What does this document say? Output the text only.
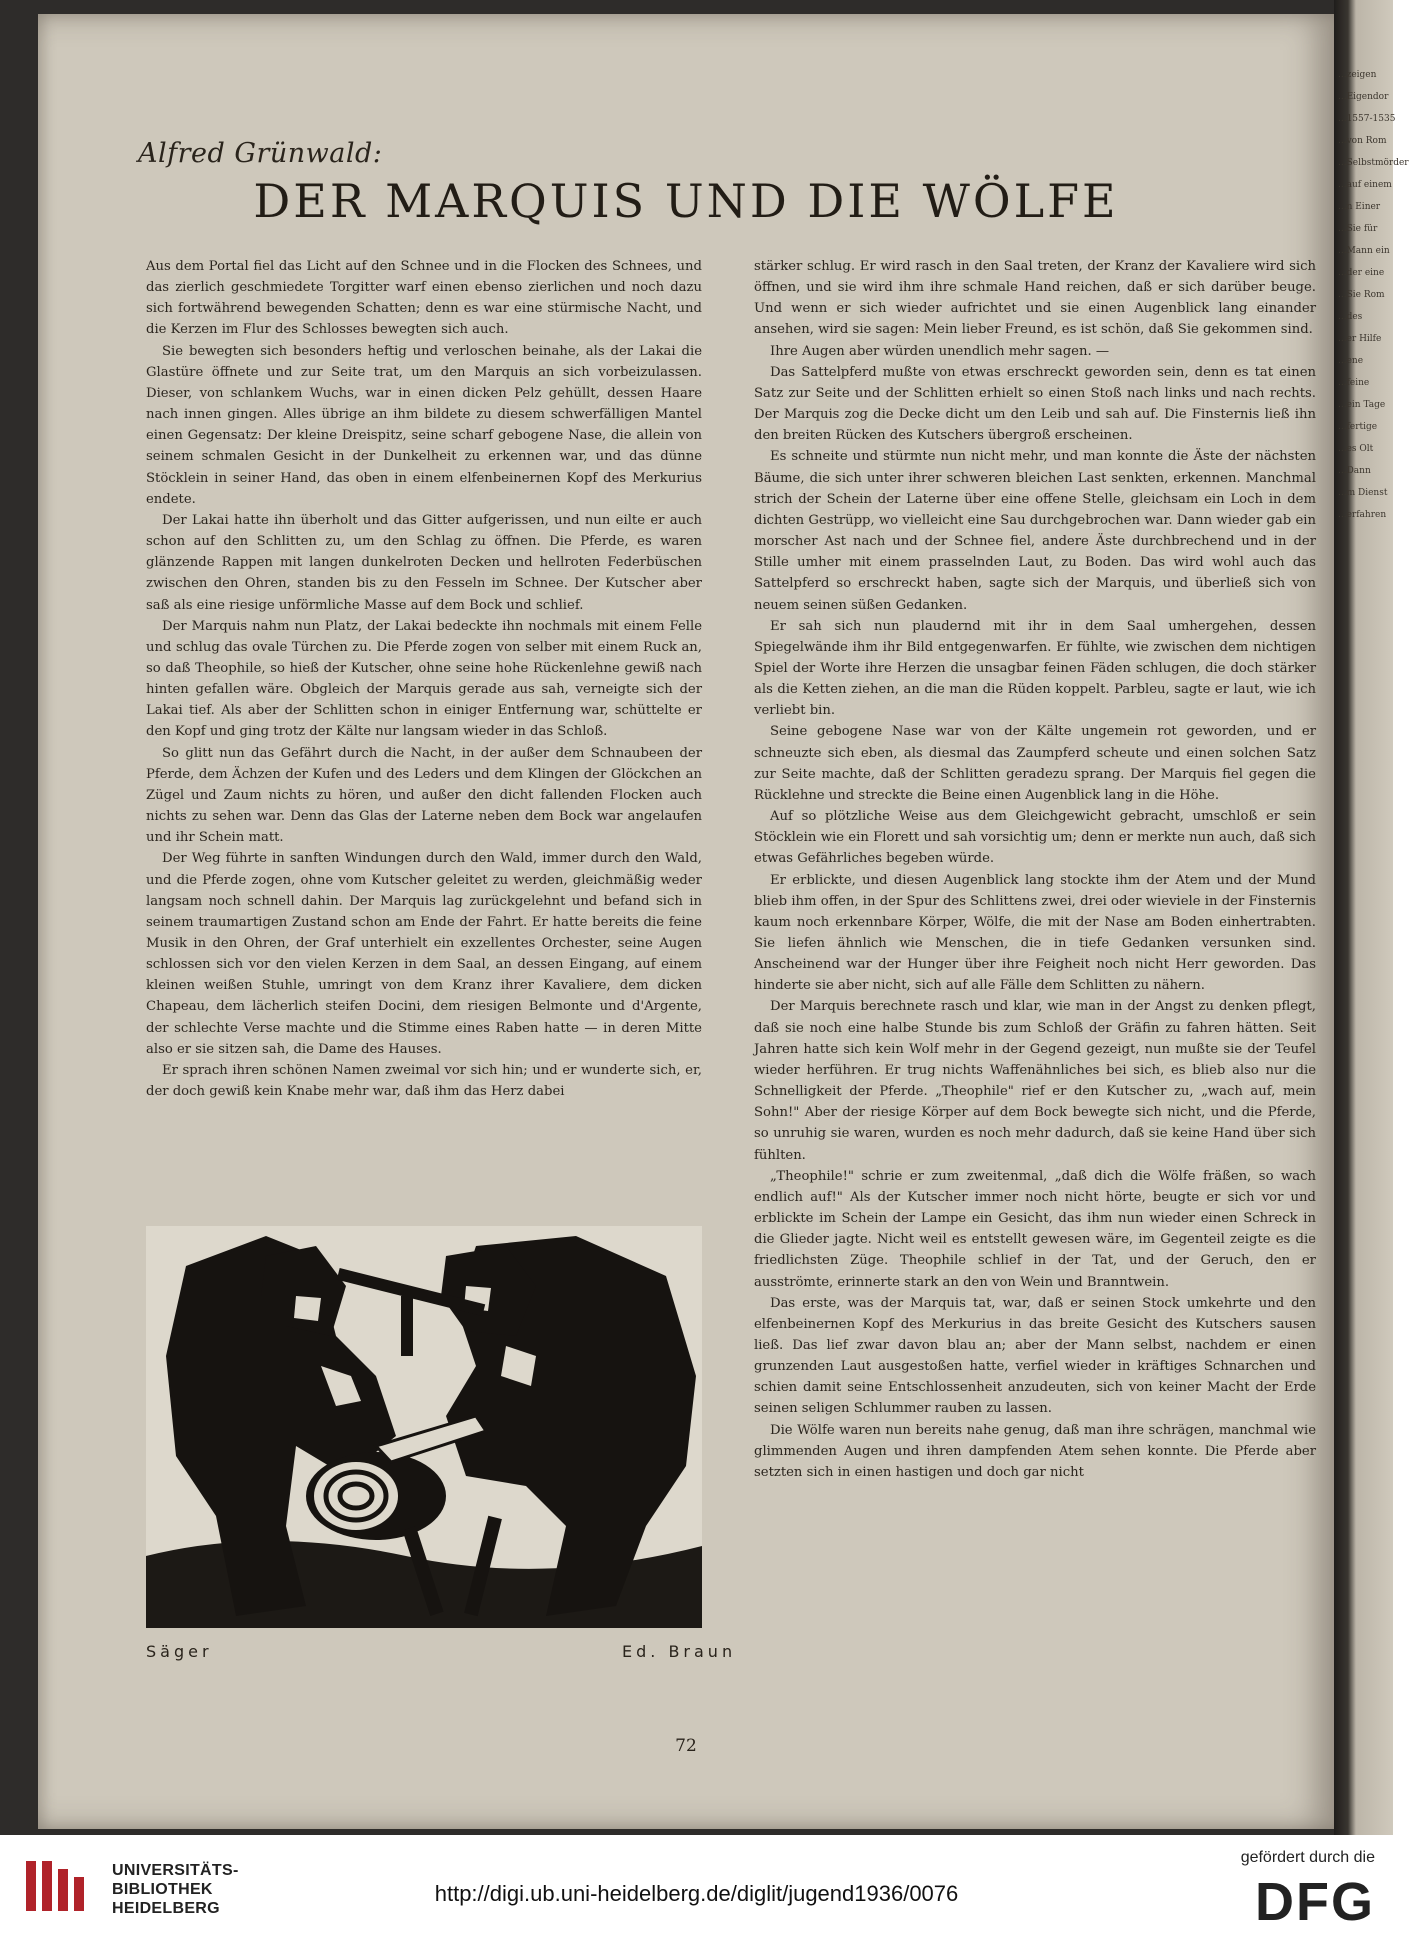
Alfred Grünwald:
DER MARQUIS UND DIE WÖLFE

Aus dem Portal fiel das Licht auf den Schnee und in die Flocken des Schnees, und das zierlich geschmiedete Torgitter warf einen ebenso zierlichen und noch dazu sich fortwährend bewegenden Schatten; denn es war eine stürmische Nacht, und die Kerzen im Flur des Schlosses bewegten sich auch.

Sie bewegten sich besonders heftig und verloschen beinahe, als der Lakai die Glastüre öffnete und zur Seite trat, um den Marquis an sich vorbeizulassen. Dieser, von schlankem Wuchs, war in einen dicken Pelz gehüllt, dessen Haare nach innen gingen. Alles übrige an ihm bildete zu diesem schwerfälligen Mantel einen Gegensatz: Der kleine Dreispitz, seine scharf gebogene Nase, die allein von seinem schmalen Gesicht in der Dunkelheit zu erkennen war, und das dünne Stöcklein in seiner Hand, das oben in einem elfenbeinernen Kopf des Merkurius endete.

Der Lakai hatte ihn überholt und das Gitter aufgerissen, und nun eilte er auch schon auf den Schlitten zu, um den Schlag zu öffnen. Die Pferde, es waren glänzende Rappen mit langen dunkelroten Decken und hellroten Federbüschen zwischen den Ohren, standen bis zu den Fesseln im Schnee. Der Kutscher aber saß als eine riesige unförmliche Masse auf dem Bock und schlief.

Der Marquis nahm nun Platz, der Lakai bedeckte ihn nochmals mit einem Felle und schlug das ovale Türchen zu. Die Pferde zogen von selber mit einem Ruck an, so daß Theophile, so hieß der Kutscher, ohne seine hohe Rückenlehne gewiß nach hinten gefallen wäre. Obgleich der Marquis gerade aus sah, verneigte sich der Lakai tief. Als aber der Schlitten schon in einiger Entfernung war, schüttelte er den Kopf und ging trotz der Kälte nur langsam wieder in das Schloß.

So glitt nun das Gefährt durch die Nacht, in der außer dem Schnaubeen der Pferde, dem Ächzen der Kufen und des Leders und dem Klingen der Glöckchen an Zügel und Zaum nichts zu hören, und außer den dicht fallenden Flocken auch nichts zu sehen war. Denn das Glas der Laterne neben dem Bock war angelaufen und ihr Schein matt.

Der Weg führte in sanften Windungen durch den Wald, immer durch den Wald, und die Pferde zogen, ohne vom Kutscher geleitet zu werden, gleichmäßig weder langsam noch schnell dahin. Der Marquis lag zurückgelehnt und befand sich in seinem traumartigen Zustand schon am Ende der Fahrt. Er hatte bereits die feine Musik in den Ohren, der Graf unterhielt ein exzellentes Orchester, seine Augen schlossen sich vor den vielen Kerzen in dem Saal, an dessen Eingang, auf einem kleinen weißen Stuhle, umringt von dem Kranz ihrer Kavaliere, dem dicken Chapeau, dem lächerlich steifen Docini, dem riesigen Belmonte und d'Argente, der schlechte Verse machte und die Stimme eines Raben hatte — in deren Mitte also er sie sitzen sah, die Dame des Hauses.

Er sprach ihren schönen Namen zweimal vor sich hin; und er wunderte sich, er, der doch gewiß kein Knabe mehr war, daß ihm das Herz dabei

Säger	Ed. Braun

stärker schlug. Er wird rasch in den Saal treten, der Kranz der Kavaliere wird sich öffnen, und sie wird ihm ihre schmale Hand reichen, daß er sich darüber beuge. Und wenn er sich wieder aufrichtet und sie einen Augenblick lang einander ansehen, wird sie sagen: Mein lieber Freund, es ist schön, daß Sie gekommen sind.

Ihre Augen aber würden unendlich mehr sagen. —

Das Sattelpferd mußte von etwas erschreckt geworden sein, denn es tat einen Satz zur Seite und der Schlitten erhielt so einen Stoß nach links und nach rechts. Der Marquis zog die Decke dicht um den Leib und sah auf. Die Finsternis ließ ihn den breiten Rücken des Kutschers übergroß erscheinen.

Es schneite und stürmte nun nicht mehr, und man konnte die Äste der nächsten Bäume, die sich unter ihrer schweren bleichen Last senkten, erkennen. Manchmal strich der Schein der Laterne über eine offene Stelle, gleichsam ein Loch in dem dichten Gestrüpp, wo vielleicht eine Sau durchgebrochen war. Dann wieder gab ein morscher Ast nach und der Schnee fiel, andere Äste durchbrechend und in der Stille umher mit einem prasselnden Laut, zu Boden. Das wird wohl auch das Sattelpferd so erschreckt haben, sagte sich der Marquis, und überließ sich von neuem seinen süßen Gedanken.

Er sah sich nun plaudernd mit ihr in dem Saal umhergehen, dessen Spiegelwände ihm ihr Bild entgegenwarfen. Er fühlte, wie zwischen dem nichtigen Spiel der Worte ihre Herzen die unsagbar feinen Fäden schlugen, die doch stärker als die Ketten ziehen, an die man die Rüden koppelt. Parbleu, sagte er laut, wie ich verliebt bin.

Seine gebogene Nase war von der Kälte ungemein rot geworden, und er schneuzte sich eben, als diesmal das Zaumpferd scheute und einen solchen Satz zur Seite machte, daß der Schlitten geradezu sprang. Der Marquis fiel gegen die Rücklehne und streckte die Beine einen Augenblick lang in die Höhe.

Auf so plötzliche Weise aus dem Gleichgewicht gebracht, umschloß er sein Stöcklein wie ein Florett und sah vorsichtig um; denn er merkte nun auch, daß sich etwas Gefährliches begeben würde.

Er erblickte, und diesen Augenblick lang stockte ihm der Atem und der Mund blieb ihm offen, in der Spur des Schlittens zwei, drei oder wieviele in der Finsternis kaum noch erkennbare Körper, Wölfe, die mit der Nase am Boden einhertrabten. Sie liefen ähnlich wie Menschen, die in tiefe Gedanken versunken sind. Anscheinend war der Hunger über ihre Feigheit noch nicht Herr geworden. Das hinderte sie aber nicht, sich auf alle Fälle dem Schlitten zu nähern.

Der Marquis berechnete rasch und klar, wie man in der Angst zu denken pflegt, daß sie noch eine halbe Stunde bis zum Schloß der Gräfin zu fahren hätten. Seit Jahren hatte sich kein Wolf mehr in der Gegend gezeigt, nun mußte sie der Teufel wieder herführen. Er trug nichts Waffenähnliches bei sich, es blieb also nur die Schnelligkeit der Pferde. „Theophile" rief er den Kutscher zu, „wach auf, mein Sohn!" Aber der riesige Körper auf dem Bock bewegte sich nicht, und die Pferde, so unruhig sie waren, wurden es noch mehr dadurch, daß sie keine Hand über sich fühlten.

„Theophile!" schrie er zum zweitenmal, „daß dich die Wölfe fräßen, so wach endlich auf!" Als der Kutscher immer noch nicht hörte, beugte er sich vor und erblickte im Schein der Lampe ein Gesicht, das ihm nun wieder einen Schreck in die Glieder jagte. Nicht weil es entstellt gewesen wäre, im Gegenteil zeigte es die friedlichsten Züge. Theophile schlief in der Tat, und der Geruch, den er ausströmte, erinnerte stark an den von Wein und Branntwein.

Das erste, was der Marquis tat, war, daß er seinen Stock umkehrte und den elfenbeinernen Kopf des Merkurius in das breite Gesicht des Kutschers sausen ließ. Das lief zwar davon blau an; aber der Mann selbst, nachdem er einen grunzenden Laut ausgestoßen hatte, verfiel wieder in kräftiges Schnarchen und schien damit seine Entschlossenheit anzudeuten, sich von keiner Macht der Erde seinen seligen Schlummer rauben zu lassen.

Die Wölfe waren nun bereits nahe genug, daß man ihre schrägen, manchmal wie glimmenden Augen und ihren dampfenden Atem sehen konnte. Die Pferde aber setzten sich in einen hastigen und doch gar nicht

72
...zeigen
...Eigendor
...1557-1535
...von Rom
...Selbstmörder
...auf einem
...n Einer
...Sie für
...Mann ein
...der eine
...Sie Rom
...des
...er Hilfe
...ene
...feine
...ein Tage
...fertige
...es Olt
...Dann
...m Dienst
...erfahren
UNIVERSITÄTS-
BIBLIOTHEK
HEIDELBERG
http://digi.ub.uni-heidelberg.de/diglit/jugend1936/0076
gefördert durch die
DFG
